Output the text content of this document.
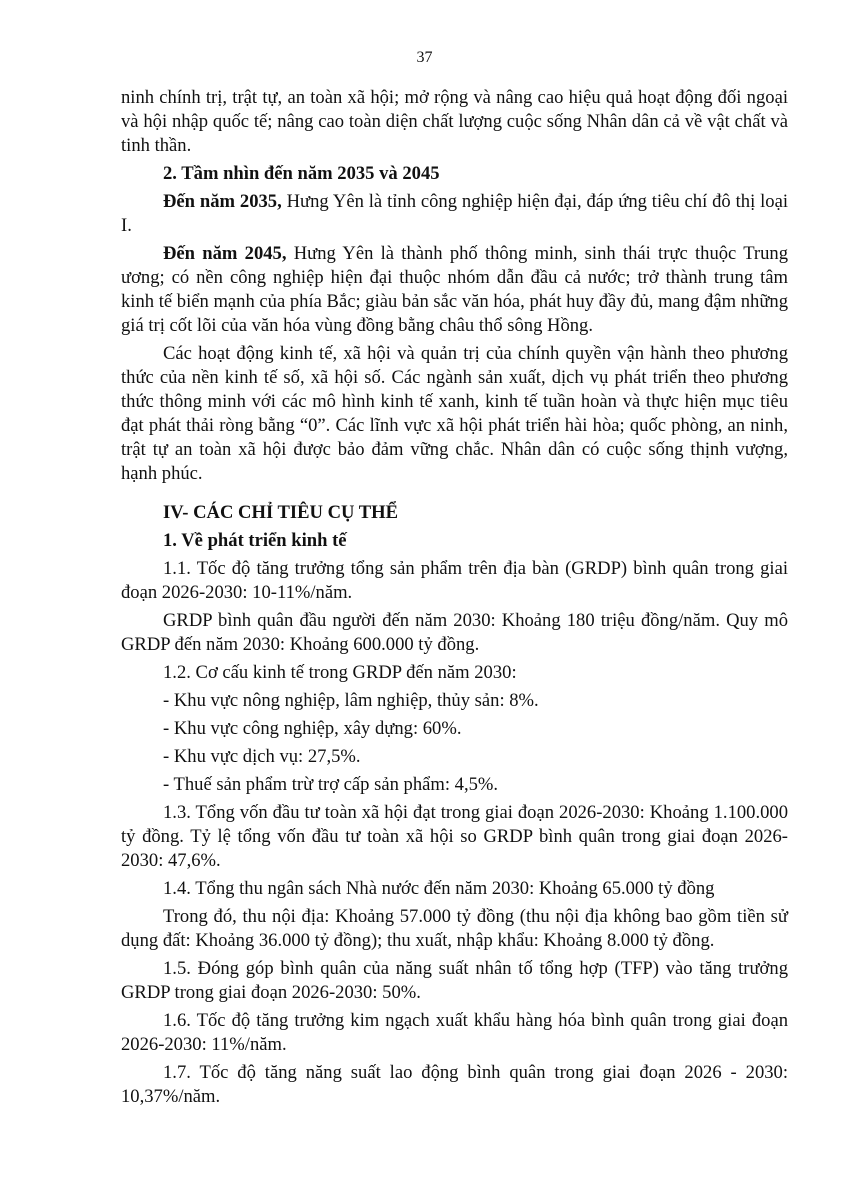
37

ninh chính trị, trật tự, an toàn xã hội; mở rộng và nâng cao hiệu quả hoạt động đối ngoại và hội nhập quốc tế; nâng cao toàn diện chất lượng cuộc sống Nhân dân cả về vật chất và tinh thần.

2. Tầm nhìn đến năm 2035 và 2045

Đến năm 2035, Hưng Yên là tỉnh công nghiệp hiện đại, đáp ứng tiêu chí đô thị loại I.

Đến năm 2045, Hưng Yên là thành phố thông minh, sinh thái trực thuộc Trung ương; có nền công nghiệp hiện đại thuộc nhóm dẫn đầu cả nước; trở thành trung tâm kinh tế biển mạnh của phía Bắc; giàu bản sắc văn hóa, phát huy đầy đủ, mang đậm những giá trị cốt lõi của văn hóa vùng đồng bằng châu thổ sông Hồng.

Các hoạt động kinh tế, xã hội và quản trị của chính quyền vận hành theo phương thức của nền kinh tế số, xã hội số. Các ngành sản xuất, dịch vụ phát triển theo phương thức thông minh với các mô hình kinh tế xanh, kinh tế tuần hoàn và thực hiện mục tiêu đạt phát thải ròng bằng “0”. Các lĩnh vực xã hội phát triển hài hòa; quốc phòng, an ninh, trật tự an toàn xã hội được bảo đảm vững chắc. Nhân dân có cuộc sống thịnh vượng, hạnh phúc.

IV- CÁC CHỈ TIÊU CỤ THỂ

1. Về phát triển kinh tế

1.1. Tốc độ tăng trưởng tổng sản phẩm trên địa bàn (GRDP) bình quân trong giai đoạn 2026-2030: 10-11%/năm.

GRDP bình quân đầu người đến năm 2030: Khoảng 180 triệu đồng/năm. Quy mô GRDP đến năm 2030: Khoảng 600.000 tỷ đồng.

1.2. Cơ cấu kinh tế trong GRDP đến năm 2030:

- Khu vực nông nghiệp, lâm nghiệp, thủy sản: 8%.

- Khu vực công nghiệp, xây dựng: 60%.

- Khu vực dịch vụ: 27,5%.

- Thuế sản phẩm trừ trợ cấp sản phẩm: 4,5%.

1.3. Tổng vốn đầu tư toàn xã hội đạt trong giai đoạn 2026-2030: Khoảng 1.100.000 tỷ đồng. Tỷ lệ tổng vốn đầu tư toàn xã hội so GRDP bình quân trong giai đoạn 2026-2030: 47,6%.

1.4. Tổng thu ngân sách Nhà nước đến năm 2030: Khoảng 65.000 tỷ đồng

Trong đó, thu nội địa: Khoảng 57.000 tỷ đồng (thu nội địa không bao gồm tiền sử dụng đất: Khoảng 36.000 tỷ đồng); thu xuất, nhập khẩu: Khoảng 8.000 tỷ đồng.

1.5. Đóng góp bình quân của năng suất nhân tố tổng hợp (TFP) vào tăng trưởng GRDP trong giai đoạn 2026-2030: 50%.

1.6. Tốc độ tăng trưởng kim ngạch xuất khẩu hàng hóa bình quân trong giai đoạn 2026-2030: 11%/năm.

1.7. Tốc độ tăng năng suất lao động bình quân trong giai đoạn 2026 - 2030: 10,37%/năm.
